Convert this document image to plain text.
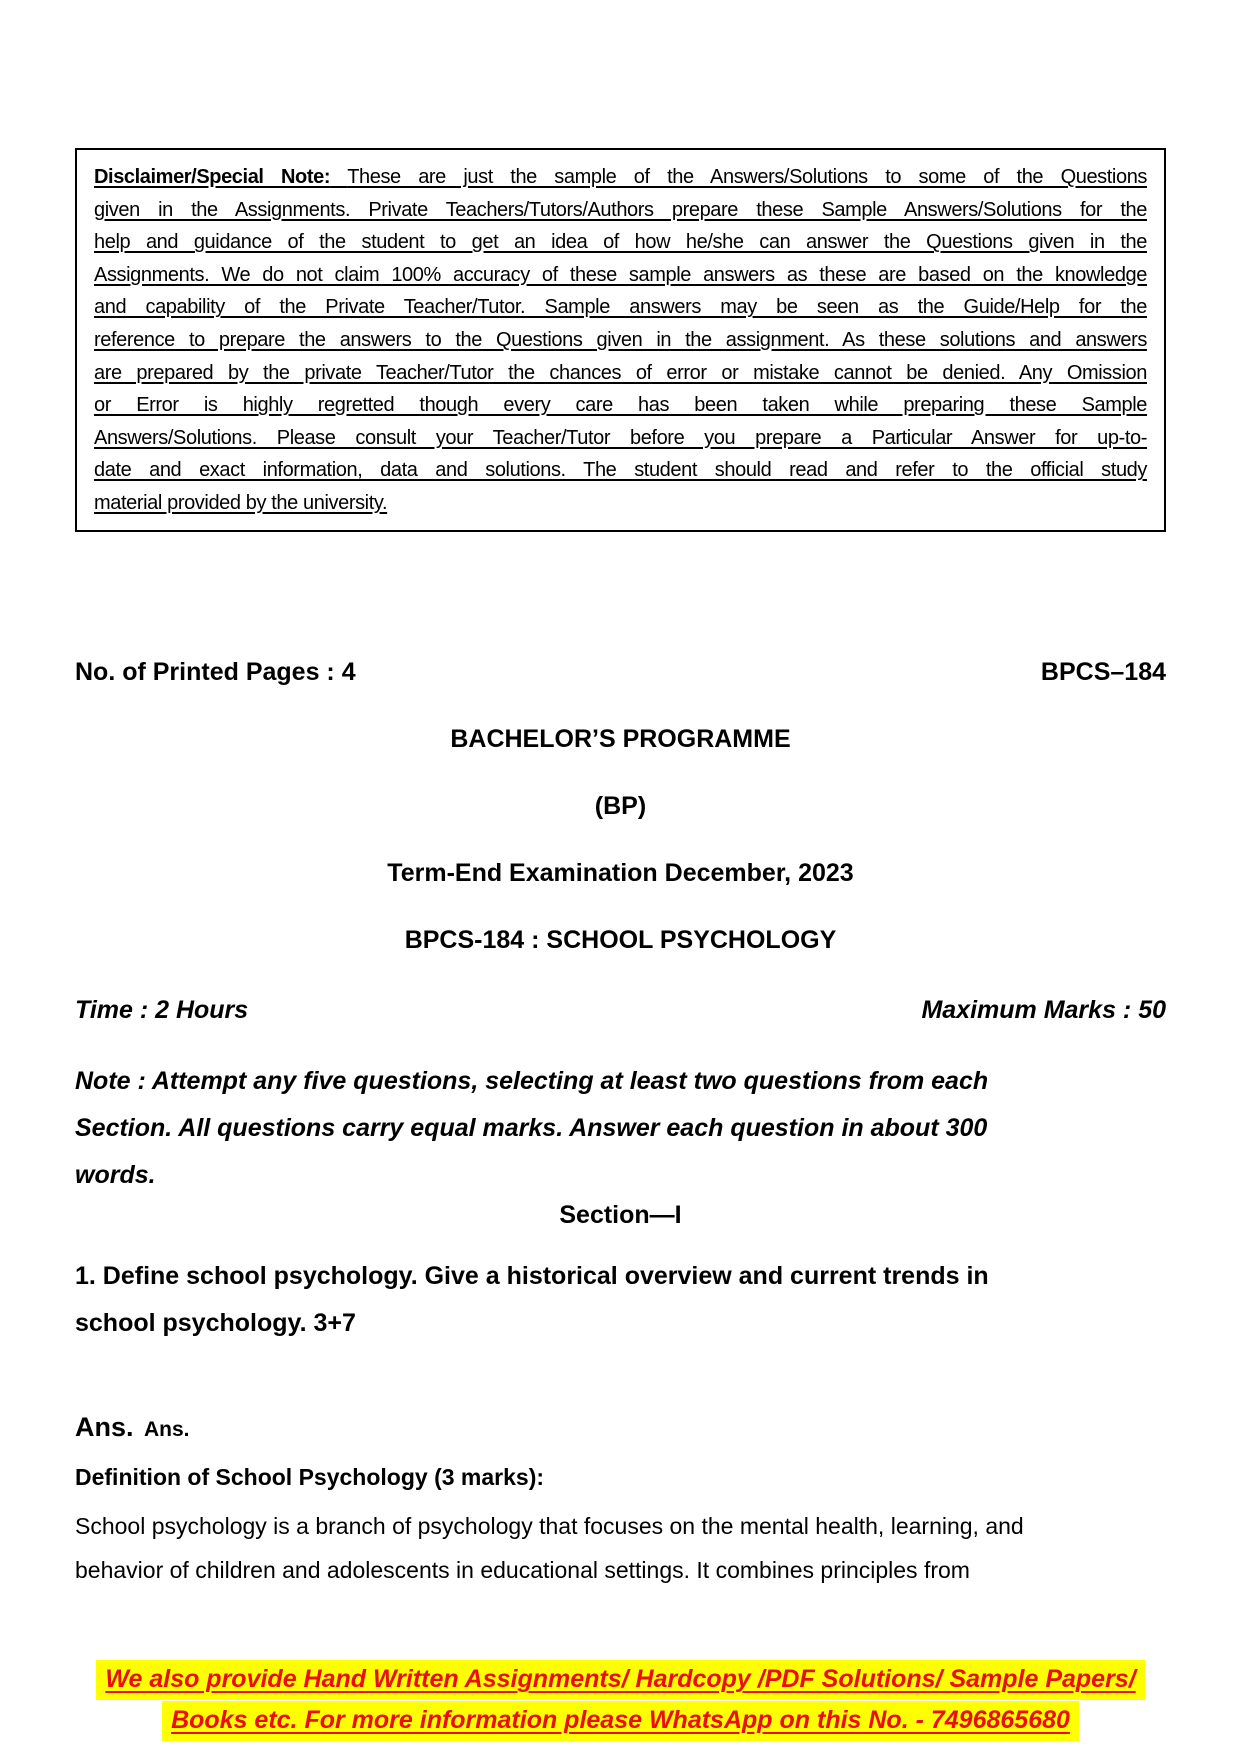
Disclaimer/Special Note: These are just the sample of the Answers/Solutions to some of the Questions
given in the Assignments. Private Teachers/Tutors/Authors prepare these Sample Answers/Solutions for the
help and guidance of the student to get an idea of how he/she can answer the Questions given in the
Assignments. We do not claim 100% accuracy of these sample answers as these are based on the knowledge
and capability of the Private Teacher/Tutor. Sample answers may be seen as the Guide/Help for the
reference to prepare the answers to the Questions given in the assignment. As these solutions and answers
are prepared by the private Teacher/Tutor the chances of error or mistake cannot be denied. Any Omission
or Error is highly regretted though every care has been taken while preparing these Sample
Answers/Solutions. Please consult your Teacher/Tutor before you prepare a Particular Answer for up-to-
date and exact information, data and solutions. The student should read and refer to the official study
material provided by the university.
No. of Printed Pages : 4	BPCS–184
BACHELOR’S PROGRAMME
(BP)
Term-End Examination December, 2023
BPCS-184 : SCHOOL PSYCHOLOGY
Time : 2 Hours	Maximum Marks : 50
Note : Attempt any five questions, selecting at least two questions from each
Section. All questions carry equal marks. Answer each question in about 300
words.
Section—I
1. Define school psychology. Give a historical overview and current trends in
school psychology. 3+7
Ans. Ans.
Definition of School Psychology (3 marks):
School psychology is a branch of psychology that focuses on the mental health, learning, and
behavior of children and adolescents in educational settings. It combines principles from
We also provide Hand Written Assignments/ Hardcopy /PDF Solutions/ Sample Papers/
Books etc. For more information please WhatsApp on this No. - 7496865680
